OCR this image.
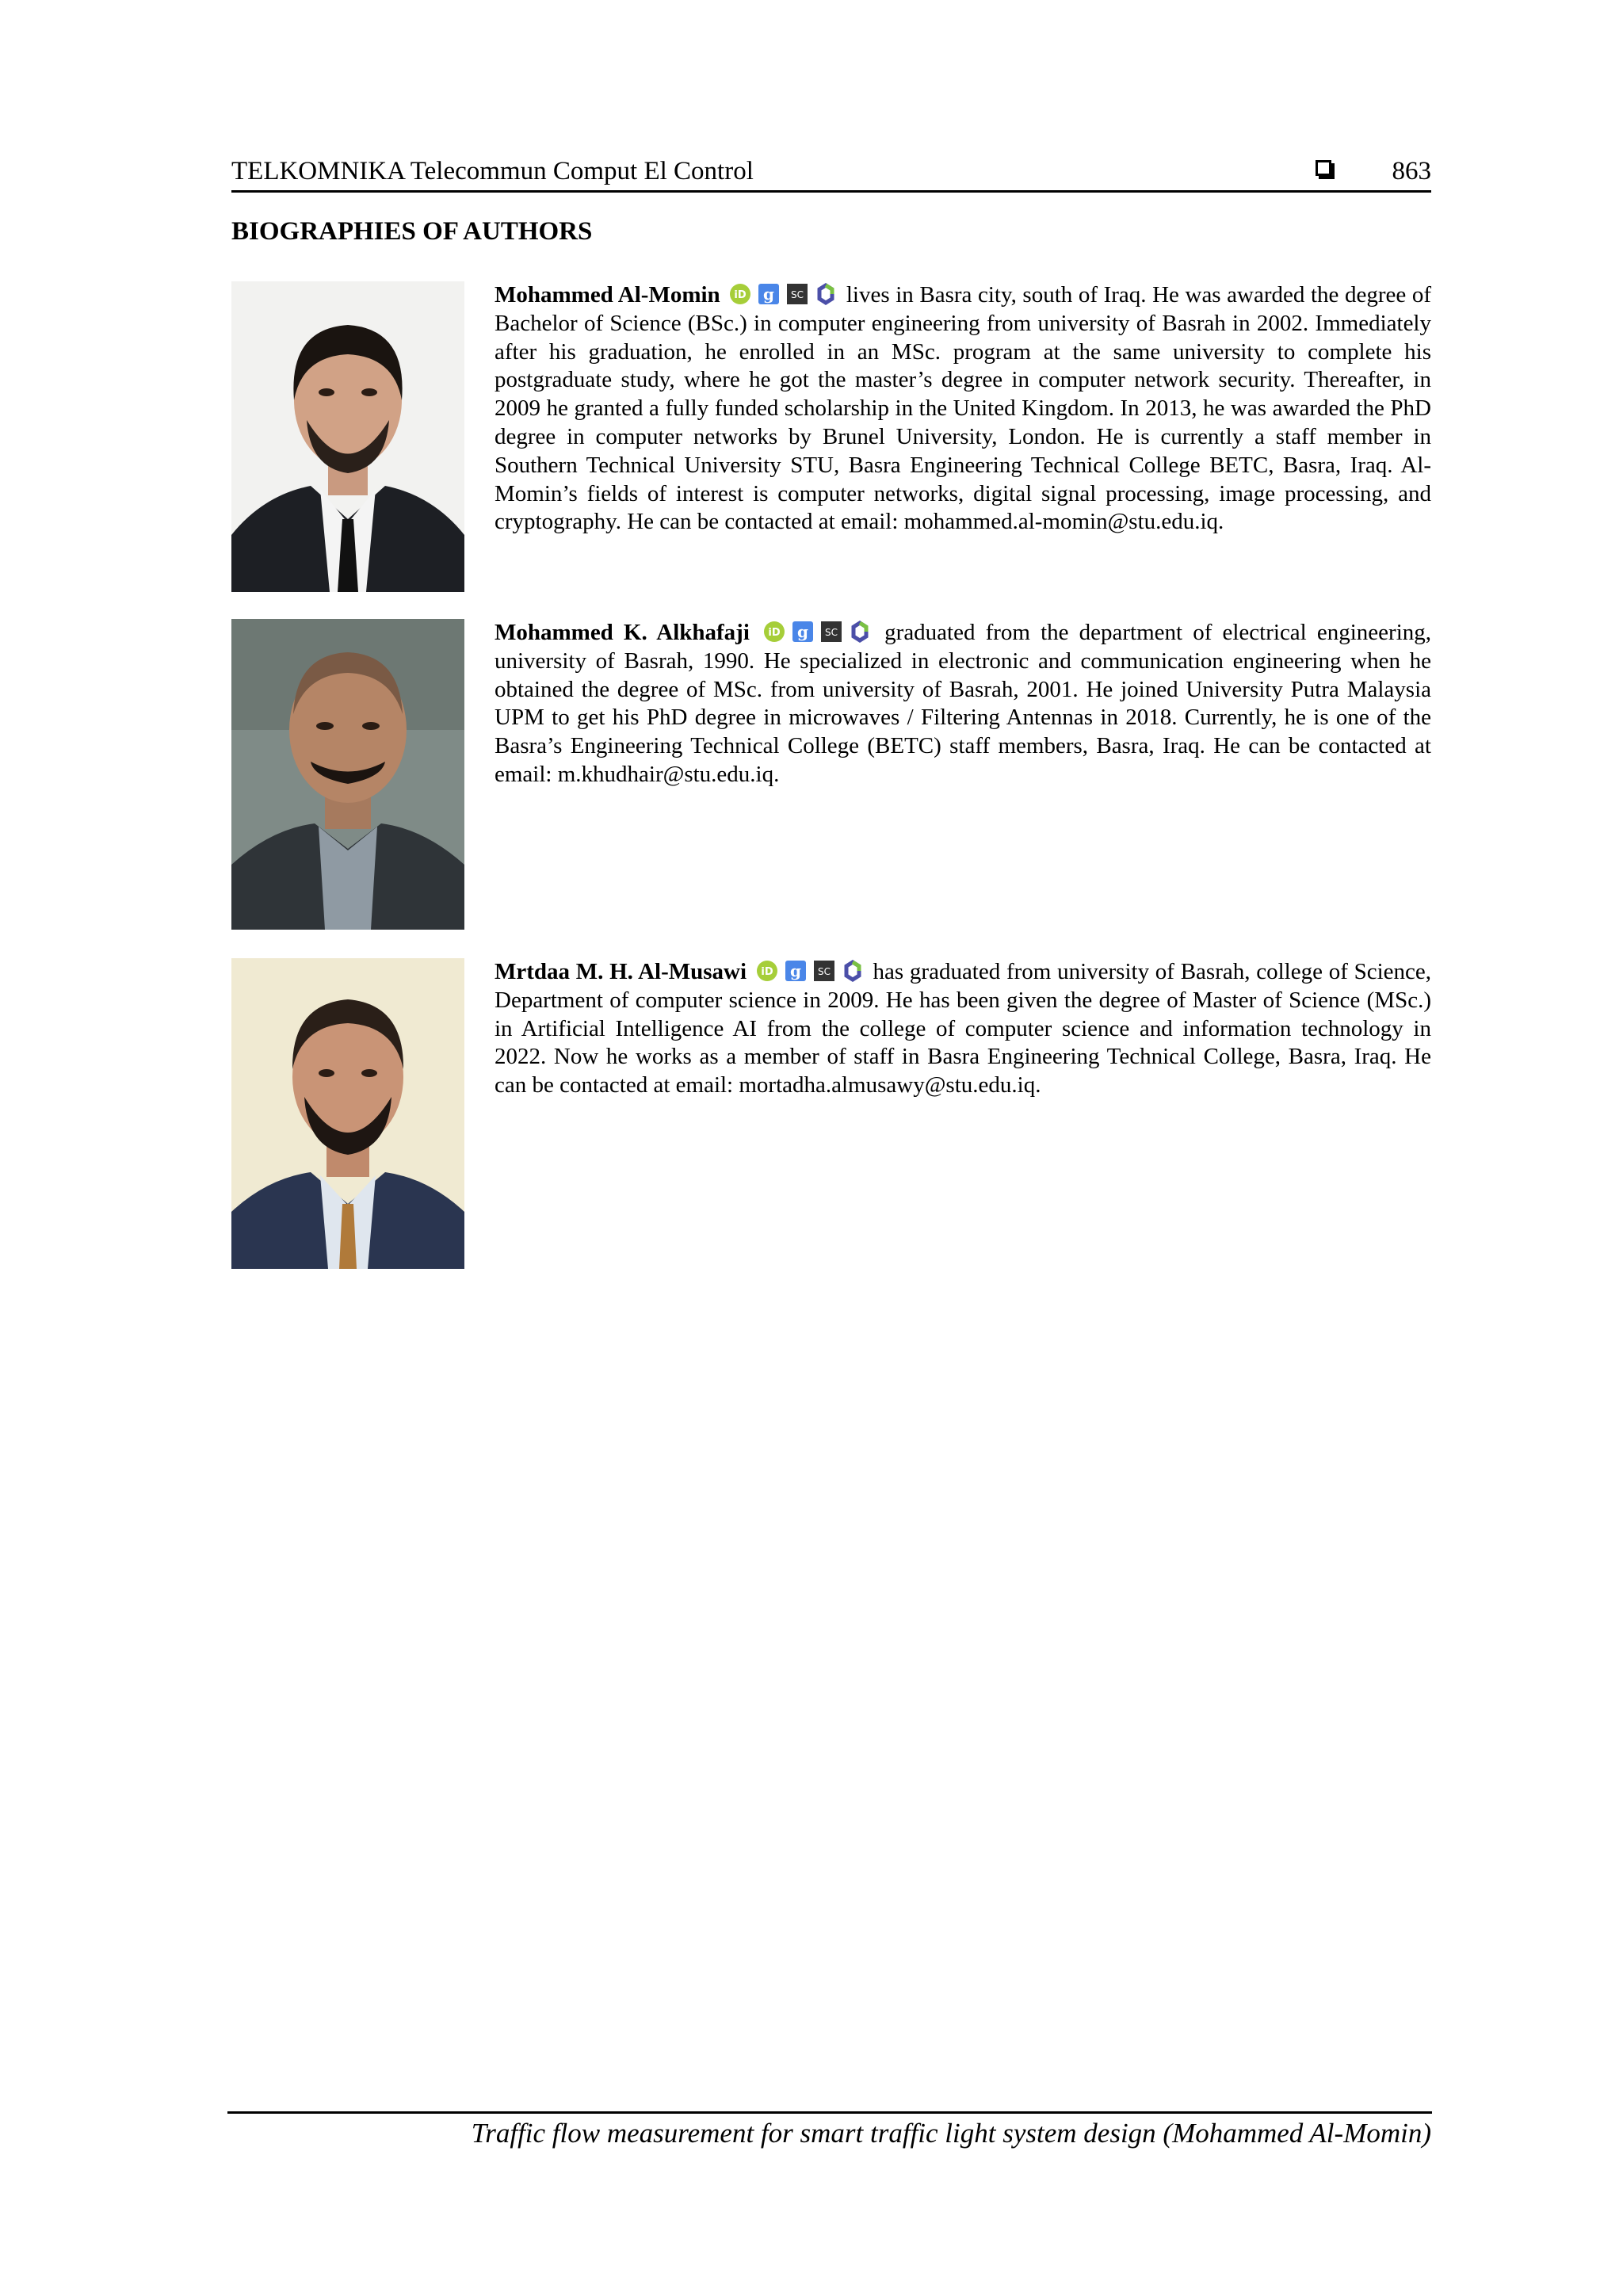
TELKOMNIKA Telecommun Comput El Control	863
BIOGRAPHIES OF AUTHORS
Mohammed Al-Momin iD g SC lives in Basra city, south of Iraq. He was awarded the degree of Bachelor of Science (BSc.) in computer engineering from university of Basrah in 2002. Immediately after his graduation, he enrolled in an MSc. program at the same university to complete his postgraduate study, where he got the master’s degree in computer network security. Thereafter, in 2009 he granted a fully funded scholarship in the United Kingdom. In 2013, he was awarded the PhD degree in computer networks by Brunel University, London. He is currently a staff member in Southern Technical University STU, Basra Engineering Technical College BETC, Basra, Iraq. Al-Momin’s fields of interest is computer networks, digital signal processing, image processing, and cryptography. He can be contacted at email: mohammed.al-momin@stu.edu.iq.
Mohammed K. Alkhafaji iD g SC graduated from the department of electrical engineering, university of Basrah, 1990. He specialized in electronic and communication engineering when he obtained the degree of MSc. from university of Basrah, 2001. He joined University Putra Malaysia UPM to get his PhD degree in microwaves / Filtering Antennas in 2018. Currently, he is one of the Basra’s Engineering Technical College (BETC) staff members, Basra, Iraq. He can be contacted at email: m.khudhair@stu.edu.iq.
Mrtdaa M. H. Al-Musawi iD g SC has graduated from university of Basrah, college of Science, Department of computer science in 2009. He has been given the degree of Master of Science (MSc.) in Artificial Intelligence AI from the college of computer science and information technology in 2022. Now he works as a member of staff in Basra Engineering Technical College, Basra, Iraq. He can be contacted at email: mortadha.almusawy@stu.edu.iq.
Traffic flow measurement for smart traffic light system design (Mohammed Al-Momin)
